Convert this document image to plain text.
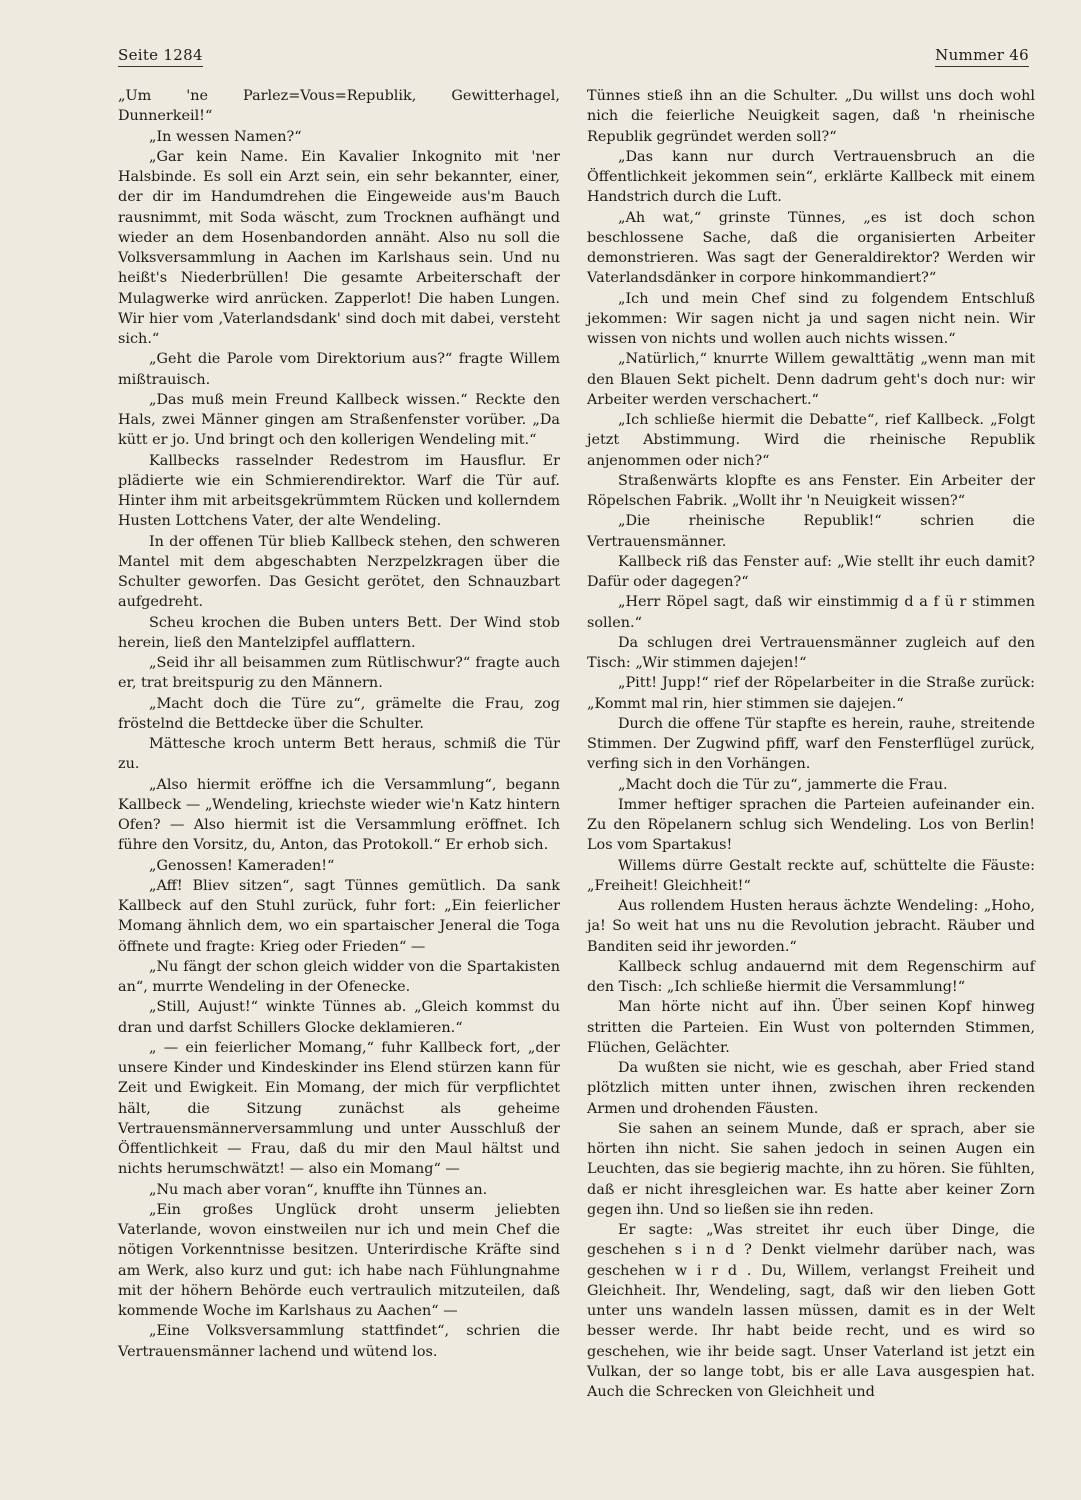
Seite 1284	Nummer 46

„Um 'ne Parlez=Vous=Republik, Gewitterhagel, Dunnerkeil!“

„In wessen Namen?“

„Gar kein Name. Ein Kavalier Inkognito mit 'ner Halsbinde. Es soll ein Arzt sein, ein sehr bekannter, einer, der dir im Handumdrehen die Eingeweide aus'm Bauch rausnimmt, mit Soda wäscht, zum Trocknen aufhängt und wieder an dem Hosenbandorden annäht. Also nu soll die Volksversammlung in Aachen im Karlshaus sein. Und nu heißt's Niederbrüllen! Die gesamte Arbeiterschaft der Mulagwerke wird anrücken. Zapperlot! Die haben Lungen. Wir hier vom ‚Vaterlandsdank' sind doch mit dabei, versteht sich.“

„Geht die Parole vom Direktorium aus?“ fragte Willem mißtrauisch.

„Das muß mein Freund Kallbeck wissen.“ Reckte den Hals, zwei Männer gingen am Straßenfenster vorüber. „Da kütt er jo. Und bringt och den kollerigen Wendeling mit.“

Kallbecks rasselnder Redestrom im Hausflur. Er plädierte wie ein Schmierendirektor. Warf die Tür auf. Hinter ihm mit arbeitsgekrümmtem Rücken und kollerndem Husten Lottchens Vater, der alte Wendeling.

In der offenen Tür blieb Kallbeck stehen, den schweren Mantel mit dem abgeschabten Nerzpelzkragen über die Schulter geworfen. Das Gesicht gerötet, den Schnauzbart aufgedreht.

Scheu krochen die Buben unters Bett. Der Wind stob herein, ließ den Mantelzipfel aufflattern.

„Seid ihr all beisammen zum Rütlischwur?“ fragte auch er, trat breitspurig zu den Männern.

„Macht doch die Türe zu“, grämelte die Frau, zog fröstelnd die Bettdecke über die Schulter.

Mättesche kroch unterm Bett heraus, schmiß die Tür zu.

„Also hiermit eröffne ich die Versammlung“, begann Kallbeck — „Wendeling, kriechste wieder wie'n Katz hintern Ofen? — Also hiermit ist die Versammlung eröffnet. Ich führe den Vorsitz, du, Anton, das Protokoll.“ Er erhob sich.

„Genossen! Kameraden!“

„Aff! Bliev sitzen“, sagt Tünnes gemütlich. Da sank Kallbeck auf den Stuhl zurück, fuhr fort: „Ein feierlicher Momang ähnlich dem, wo ein spartaischer Jeneral die Toga öffnete und fragte: Krieg oder Frieden“ —

„Nu fängt der schon gleich widder von die Spartakisten an“, murrte Wendeling in der Ofenecke.

„Still, Aujust!“ winkte Tünnes ab. „Gleich kommst du dran und darfst Schillers Glocke deklamieren.“

„ — ein feierlicher Momang,“ fuhr Kallbeck fort, „der unsere Kinder und Kindeskinder ins Elend stürzen kann für Zeit und Ewigkeit. Ein Momang, der mich für verpflichtet hält, die Sitzung zunächst als geheime Vertrauensmännerversammlung und unter Ausschluß der Öffentlichkeit — Frau, daß du mir den Maul hältst und nichts herumschwätzt! — also ein Momang“ —

„Nu mach aber voran“, knuffte ihn Tünnes an.

„Ein großes Unglück droht unserm jeliebten Vaterlande, wovon einstweilen nur ich und mein Chef die nötigen Vorkenntnisse besitzen. Unterirdische Kräfte sind am Werk, also kurz und gut: ich habe nach Fühlungnahme mit der höhern Behörde euch vertraulich mitzuteilen, daß kommende Woche im Karlshaus zu Aachen“ —

„Eine Volksversammlung stattfindet“, schrien die Vertrauensmänner lachend und wütend los.

Tünnes stieß ihn an die Schulter. „Du willst uns doch wohl nich die feierliche Neuigkeit sagen, daß 'n rheinische Republik gegründet werden soll?“

„Das kann nur durch Vertrauensbruch an die Öffentlichkeit jekommen sein“, erklärte Kallbeck mit einem Handstrich durch die Luft.

„Ah wat,“ grinste Tünnes, „es ist doch schon beschlossene Sache, daß die organisierten Arbeiter demonstrieren. Was sagt der Generaldirektor? Werden wir Vaterlandsdänker in corpore hinkommandiert?“

„Ich und mein Chef sind zu folgendem Entschluß jekommen: Wir sagen nicht ja und sagen nicht nein. Wir wissen von nichts und wollen auch nichts wissen.“

„Natürlich,“ knurrte Willem gewalttätig „wenn man mit den Blauen Sekt pichelt. Denn dadrum geht's doch nur: wir Arbeiter werden verschachert.“

„Ich schließe hiermit die Debatte“, rief Kallbeck. „Folgt jetzt Abstimmung. Wird die rheinische Republik anjenommen oder nich?“

Straßenwärts klopfte es ans Fenster. Ein Arbeiter der Röpelschen Fabrik. „Wollt ihr 'n Neuigkeit wissen?“

„Die rheinische Republik!“ schrien die Vertrauensmänner.

Kallbeck riß das Fenster auf: „Wie stellt ihr euch damit? Dafür oder dagegen?“

„Herr Röpel sagt, daß wir einstimmig d a f ü r stimmen sollen.“

Da schlugen drei Vertrauensmänner zugleich auf den Tisch: „Wir stimmen dajejen!“

„Pitt! Jupp!“ rief der Röpelarbeiter in die Straße zurück: „Kommt mal rin, hier stimmen sie dajejen.“

Durch die offene Tür stapfte es herein, rauhe, streitende Stimmen. Der Zugwind pfiff, warf den Fensterflügel zurück, verfing sich in den Vorhängen.

„Macht doch die Tür zu“, jammerte die Frau.

Immer heftiger sprachen die Parteien aufeinander ein. Zu den Röpelanern schlug sich Wendeling. Los von Berlin! Los vom Spartakus!

Willems dürre Gestalt reckte auf, schüttelte die Fäuste: „Freiheit! Gleichheit!“

Aus rollendem Husten heraus ächzte Wendeling: „Hoho, ja! So weit hat uns nu die Revolution jebracht. Räuber und Banditen seid ihr jeworden.“

Kallbeck schlug andauernd mit dem Regenschirm auf den Tisch: „Ich schließe hiermit die Versammlung!“

Man hörte nicht auf ihn. Über seinen Kopf hinweg stritten die Parteien. Ein Wust von polternden Stimmen, Flüchen, Gelächter.

Da wußten sie nicht, wie es geschah, aber Fried stand plötzlich mitten unter ihnen, zwischen ihren reckenden Armen und drohenden Fäusten.

Sie sahen an seinem Munde, daß er sprach, aber sie hörten ihn nicht. Sie sahen jedoch in seinen Augen ein Leuchten, das sie begierig machte, ihn zu hören. Sie fühlten, daß er nicht ihresgleichen war. Es hatte aber keiner Zorn gegen ihn. Und so ließen sie ihn reden.

Er sagte: „Was streitet ihr euch über Dinge, die geschehen s i n d ? Denkt vielmehr darüber nach, was geschehen w i r d . Du, Willem, verlangst Freiheit und Gleichheit. Ihr, Wendeling, sagt, daß wir den lieben Gott unter uns wandeln lassen müssen, damit es in der Welt besser werde. Ihr habt beide recht, und es wird so geschehen, wie ihr beide sagt. Unser Vaterland ist jetzt ein Vulkan, der so lange tobt, bis er alle Lava ausgespien hat. Auch die Schrecken von Gleichheit und
